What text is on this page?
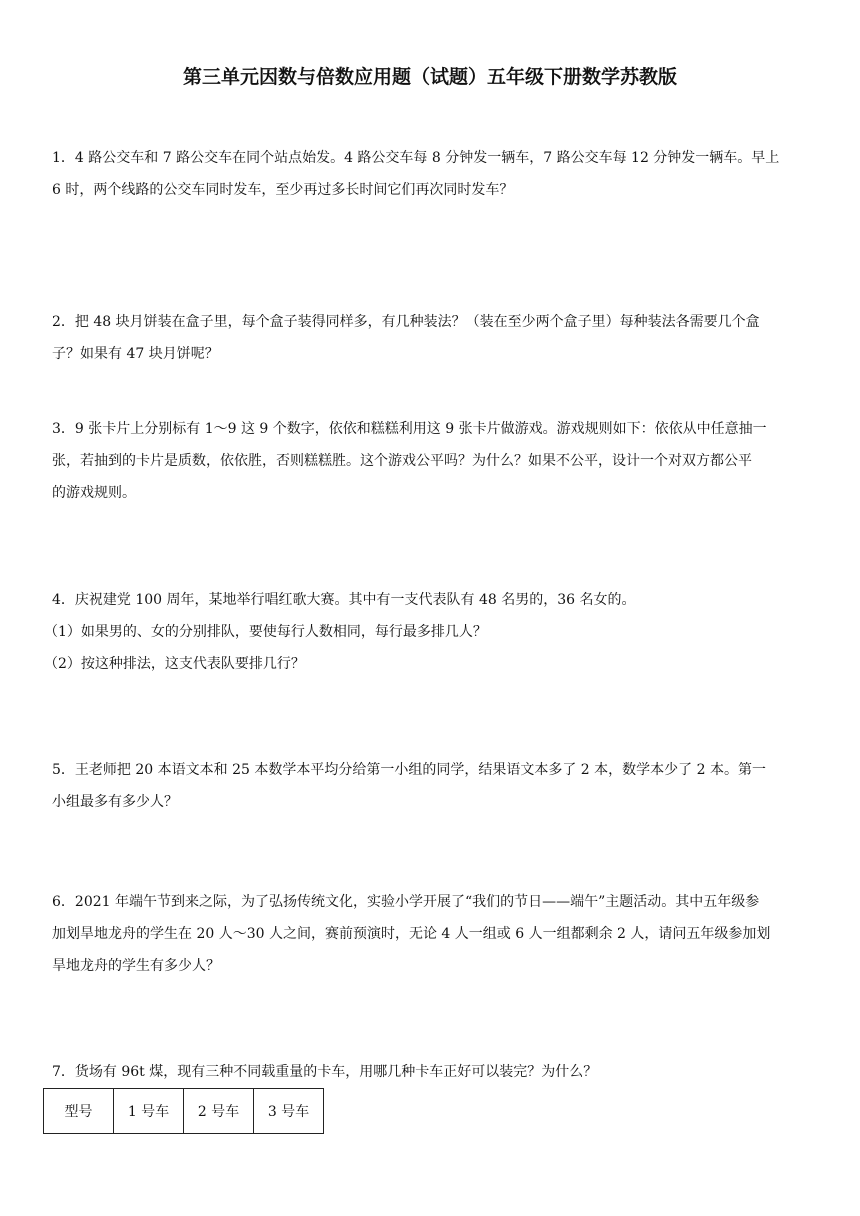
第三单元因数与倍数应用题（试题）五年级下册数学苏教版

1．4 路公交车和 7 路公交车在同个站点始发。4 路公交车每 8 分钟发一辆车，7 路公交车每 12 分钟发一辆车。早上

6 时，两个线路的公交车同时发车，至少再过多长时间它们再次同时发车？

2．把 48 块月饼装在盒子里，每个盒子装得同样多，有几种装法？（装在至少两个盒子里）每种装法各需要几个盒

子？如果有 47 块月饼呢？

3．9 张卡片上分别标有 1～9 这 9 个数字，依依和糕糕利用这 9 张卡片做游戏。游戏规则如下：依依从中任意抽一

张，若抽到的卡片是质数，依依胜，否则糕糕胜。这个游戏公平吗？为什么？如果不公平，设计一个对双方都公平

的游戏规则。

4．庆祝建党 100 周年，某地举行唱红歌大赛。其中有一支代表队有 48 名男的，36 名女的。

（1）如果男的、女的分别排队，要使每行人数相同，每行最多排几人？

（2）按这种排法，这支代表队要排几行？

5．王老师把 20 本语文本和 25 本数学本平均分给第一小组的同学，结果语文本多了 2 本，数学本少了 2 本。第一

小组最多有多少人？

6．2021 年端午节到来之际，为了弘扬传统文化，实验小学开展了“我们的节日——端午”主题活动。其中五年级参

加划旱地龙舟的学生在 20 人～30 人之间，赛前预演时，无论 4 人一组或 6 人一组都剩余 2 人，请问五年级参加划

旱地龙舟的学生有多少人？

7．货场有 96t 煤，现有三种不同载重量的卡车，用哪几种卡车正好可以装完？为什么？

型号	1 号车	2 号车	3 号车
